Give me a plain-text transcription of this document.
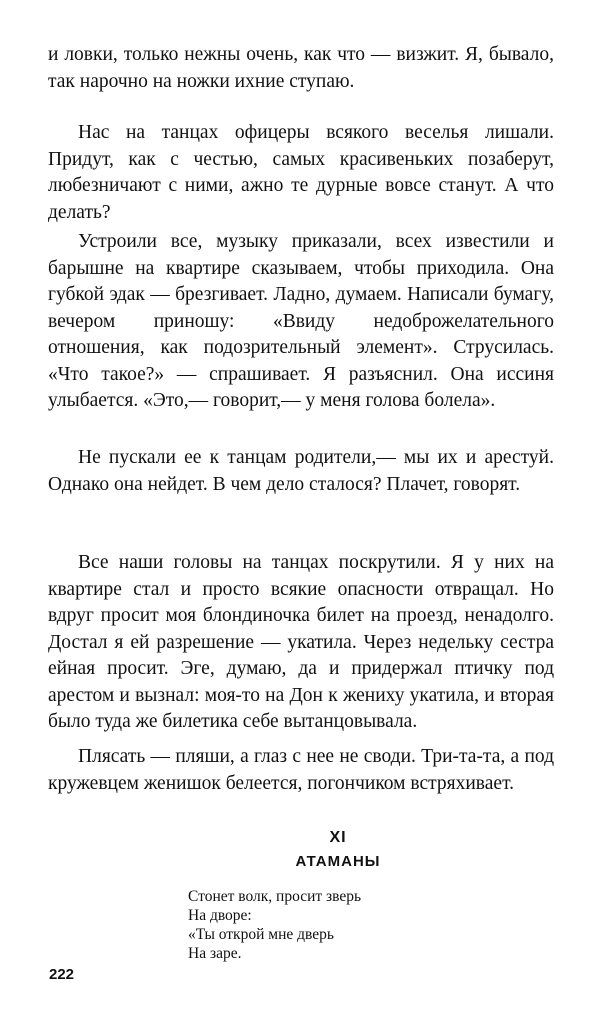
и ловки, только нежны очень, как что — визжит. Я, бывало, так нарочно на ножки ихние ступаю.

Нас на танцах офицеры всякого веселья лишали. Придут, как с честью, самых красивеньких позаберут, любезничают с ними, ажно те дурные вовсе станут. А что делать?

Устроили все, музыку приказали, всех известили и барышне на квартире сказываем, чтобы приходила. Она губкой эдак — брезгивает. Ладно, думаем. Написали бумагу, вечером приношу: «Ввиду недоброжелательного отношения, как подозрительный элемент». Струсилась. «Что такое?» — спрашивает. Я разъяснил. Она иссиня улыбается. «Это,— говорит,— у меня голова болела».

Не пускали ее к танцам родители,— мы их и арестуй. Однако она нейдет. В чем дело сталося? Плачет, говорят.

Все наши головы на танцах поскрутили. Я у них на квартире стал и просто всякие опасности отвращал. Но вдруг просит моя блондиночка билет на проезд, ненадолго. Достал я ей разрешение — укатила. Через недельку сестра ейная просит. Эге, думаю, да и придержал птичку под арестом и вызнал: моя-то на Дон к жениху укатила, и вторая было туда же билетика себе вытанцовывала.

Плясать — пляши, а глаз с нее не своди. Три-та-та, а под кружевцем женишок белеется, погончиком встряхивает.

XI
АТАМАНЫ
Стонет волк, просит зверь
На дворе:
«Ты открой мне дверь
На заре.
222
